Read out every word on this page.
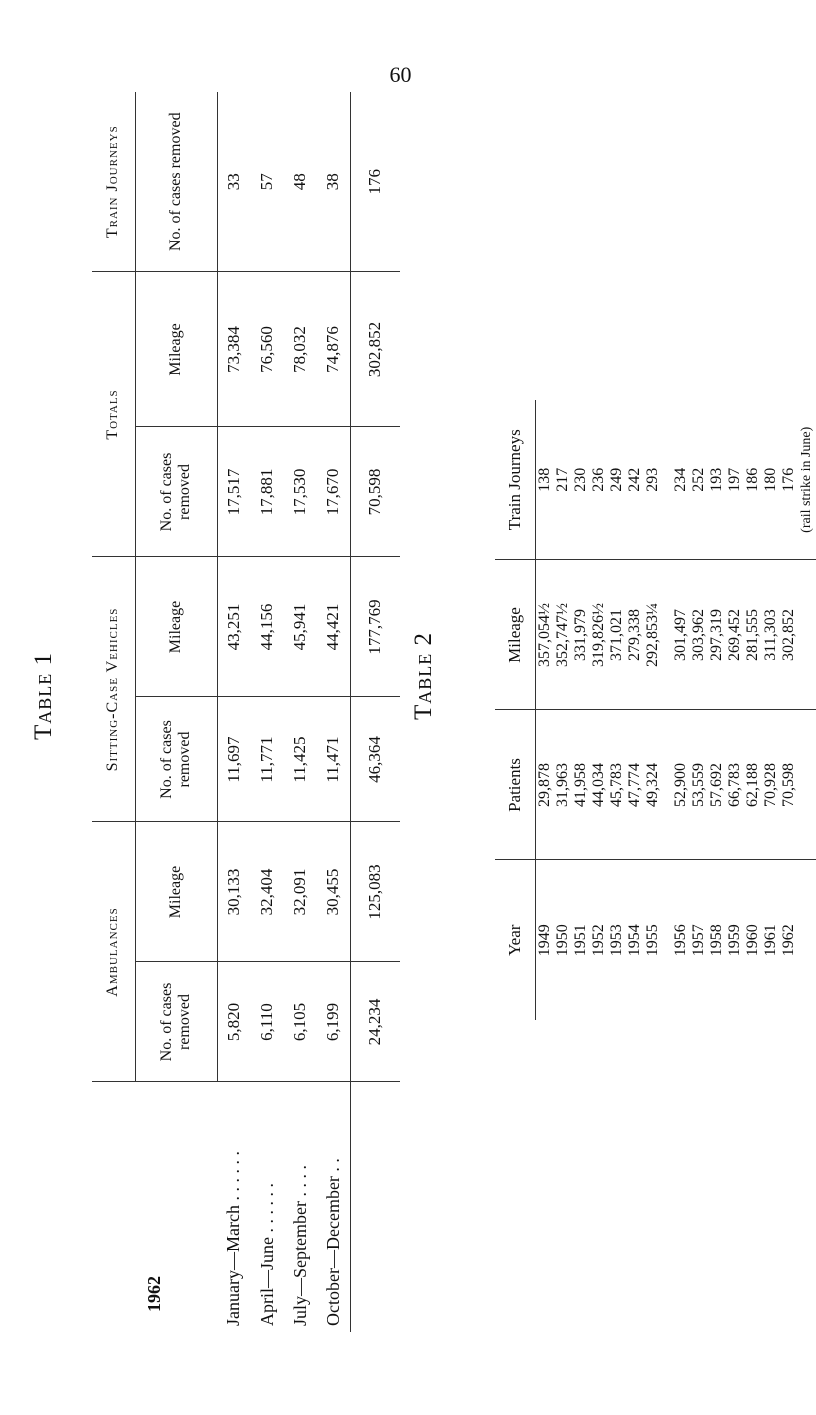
60
1962	Ambulances		Sitting-Case Vehicles		Totals		Train Journeys
	No. of cases removed	Mileage	No. of cases removed	Mileage	No. of cases removed	Mileage	No. of cases removed
January—March . . . . . .	5,820	30,133	11,697	43,251	17,517	73,384	33
April—June . . . . . .	6,110	32,404	11,771	44,156	17,881	76,560	57
July—September . . . .	6,105	32,091	11,425	45,941	17,530	78,032	48
October—December . .	6,199	30,455	11,471	44,421	17,670	74,876	38
	24,234	125,083	46,364	177,769	70,598	302,852	176
Table 1	Table 2
Year	Patients	Mileage	Train Journeys
1949	29,878	357,054½	138
1950	31,963	352,747½	217
1951	41,958	331,979	230
1952	44,034	319,826½	236
1953	45,783	371,021	249
1954	47,774	279,338	242
1955	49,324	292,853¼	293

1956	52,900	301,497	234
1957	53,559	303,962	252
1958	57,692	297,319	193
1959	66,783	269,452	197
1960	62,188	281,555	186
1961	70,928	311,303	180
1962	70,598	302,852	176
			(rail strike in June)
